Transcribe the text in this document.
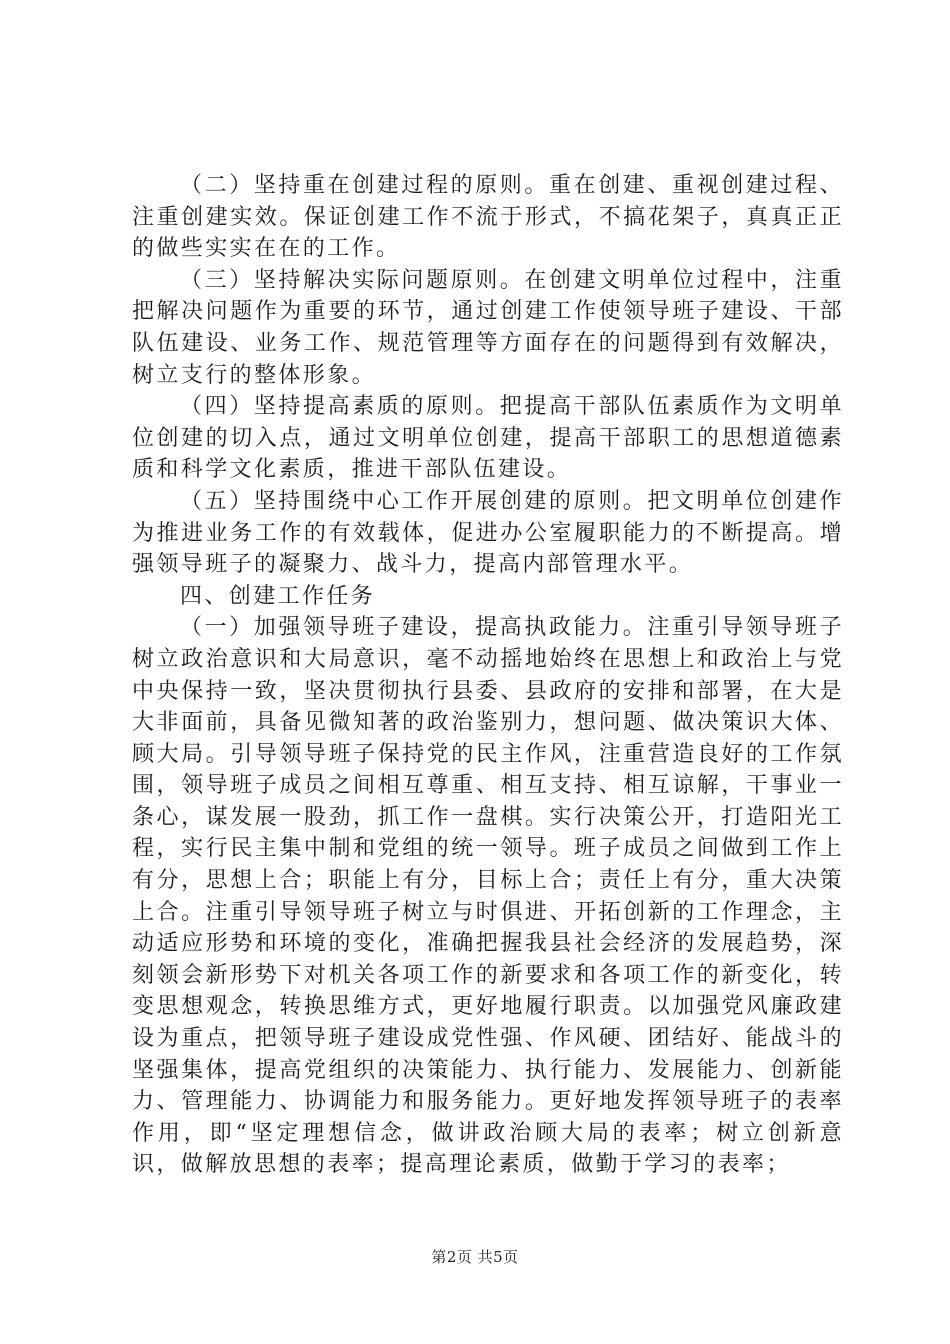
（二）坚持重在创建过程的原则。重在创建、重视创建过程、注重创建实效。保证创建工作不流于形式，不搞花架子，真真正正的做些实实在在的工作。

（三）坚持解决实际问题原则。在创建文明单位过程中，注重把解决问题作为重要的环节，通过创建工作使领导班子建设、干部队伍建设、业务工作、规范管理等方面存在的问题得到有效解决，树立支行的整体形象。

（四）坚持提高素质的原则。把提高干部队伍素质作为文明单位创建的切入点，通过文明单位创建，提高干部职工的思想道德素质和科学文化素质，推进干部队伍建设。

（五）坚持围绕中心工作开展创建的原则。把文明单位创建作为推进业务工作的有效载体，促进办公室履职能力的不断提高。增强领导班子的凝聚力、战斗力，提高内部管理水平。

四、创建工作任务

（一）加强领导班子建设，提高执政能力。注重引导领导班子树立政治意识和大局意识，毫不动摇地始终在思想上和政治上与党中央保持一致，坚决贯彻执行县委、县政府的安排和部署，在大是大非面前，具备见微知著的政治鉴别力，想问题、做决策识大体、顾大局。引导领导班子保持党的民主作风，注重营造良好的工作氛围，领导班子成员之间相互尊重、相互支持、相互谅解，干事业一条心，谋发展一股劲，抓工作一盘棋。实行决策公开，打造阳光工程，实行民主集中制和党组的统一领导。班子成员之间做到工作上有分，思想上合；职能上有分，目标上合；责任上有分，重大决策上合。注重引导领导班子树立与时俱进、开拓创新的工作理念，主动适应形势和环境的变化，准确把握我县社会经济的发展趋势，深刻领会新形势下对机关各项工作的新要求和各项工作的新变化，转变思想观念，转换思维方式，更好地履行职责。以加强党风廉政建设为重点，把领导班子建设成党性强、作风硬、团结好、能战斗的坚强集体，提高党组织的决策能力、执行能力、发展能力、创新能力、管理能力、协调能力和服务能力。更好地发挥领导班子的表率作用，即“坚定理想信念，做讲政治顾大局的表率；树立创新意识，做解放思想的表率；提高理论素质，做勤于学习的表率；

第2页 共5页
